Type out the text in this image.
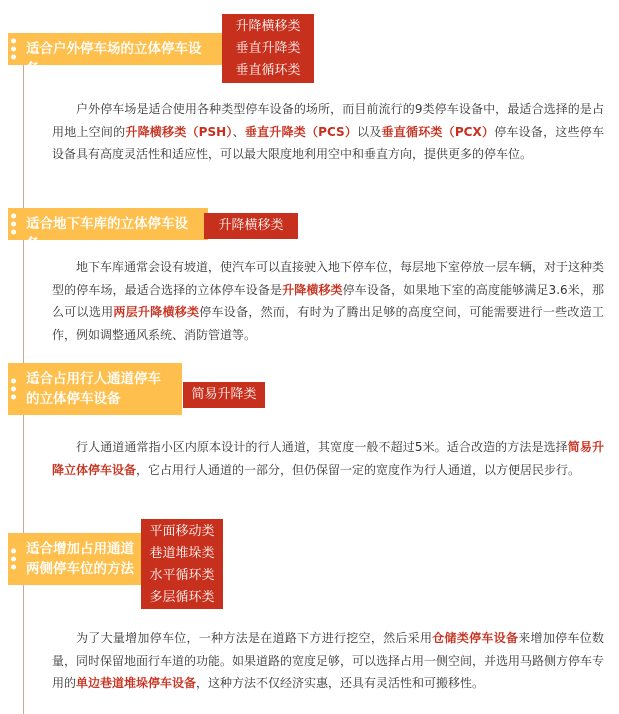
适合户外停车场的立体停车设备
升降横移类
垂直升降类
垂直循环类

户外停车场是适合使用各种类型停车设备的场所，而目前流行的9类停车设备中，最适合选择的是占用地上空间的升降横移类（PSH）、垂直升降类（PCS）以及垂直循环类（PCX）停车设备，这些停车设备具有高度灵活性和适应性，可以最大限度地利用空中和垂直方向，提供更多的停车位。

适合地下车库的立体停车设备
升降横移类

地下车库通常会设有坡道，使汽车可以直接驶入地下停车位，每层地下室停放一层车辆，对于这种类型的停车场，最适合选择的立体停车设备是升降横移类停车设备，如果地下室的高度能够满足3.6米，那么可以选用两层升降横移类停车设备，然而，有时为了腾出足够的高度空间，可能需要进行一些改造工作，例如调整通风系统、消防管道等。

适合占用行人通道停车的立体停车设备	简易升降类

行人通道通常指小区内原本设计的行人通道，其宽度一般不超过5米。适合改造的方法是选择简易升降立体停车设备，它占用行人通道的一部分，但仍保留一定的宽度作为行人通道，以方便居民步行。

适合增加占用通道两侧停车位的方法
平面移动类
巷道堆垛类
水平循环类
多层循环类

为了大量增加停车位，一种方法是在道路下方进行挖空，然后采用仓储类停车设备来增加停车位数量，同时保留地面行车道的功能。如果道路的宽度足够，可以选择占用一侧空间，并选用马路侧方停车专用的单边巷道堆垛停车设备，这种方法不仅经济实惠，还具有灵活性和可搬移性。
